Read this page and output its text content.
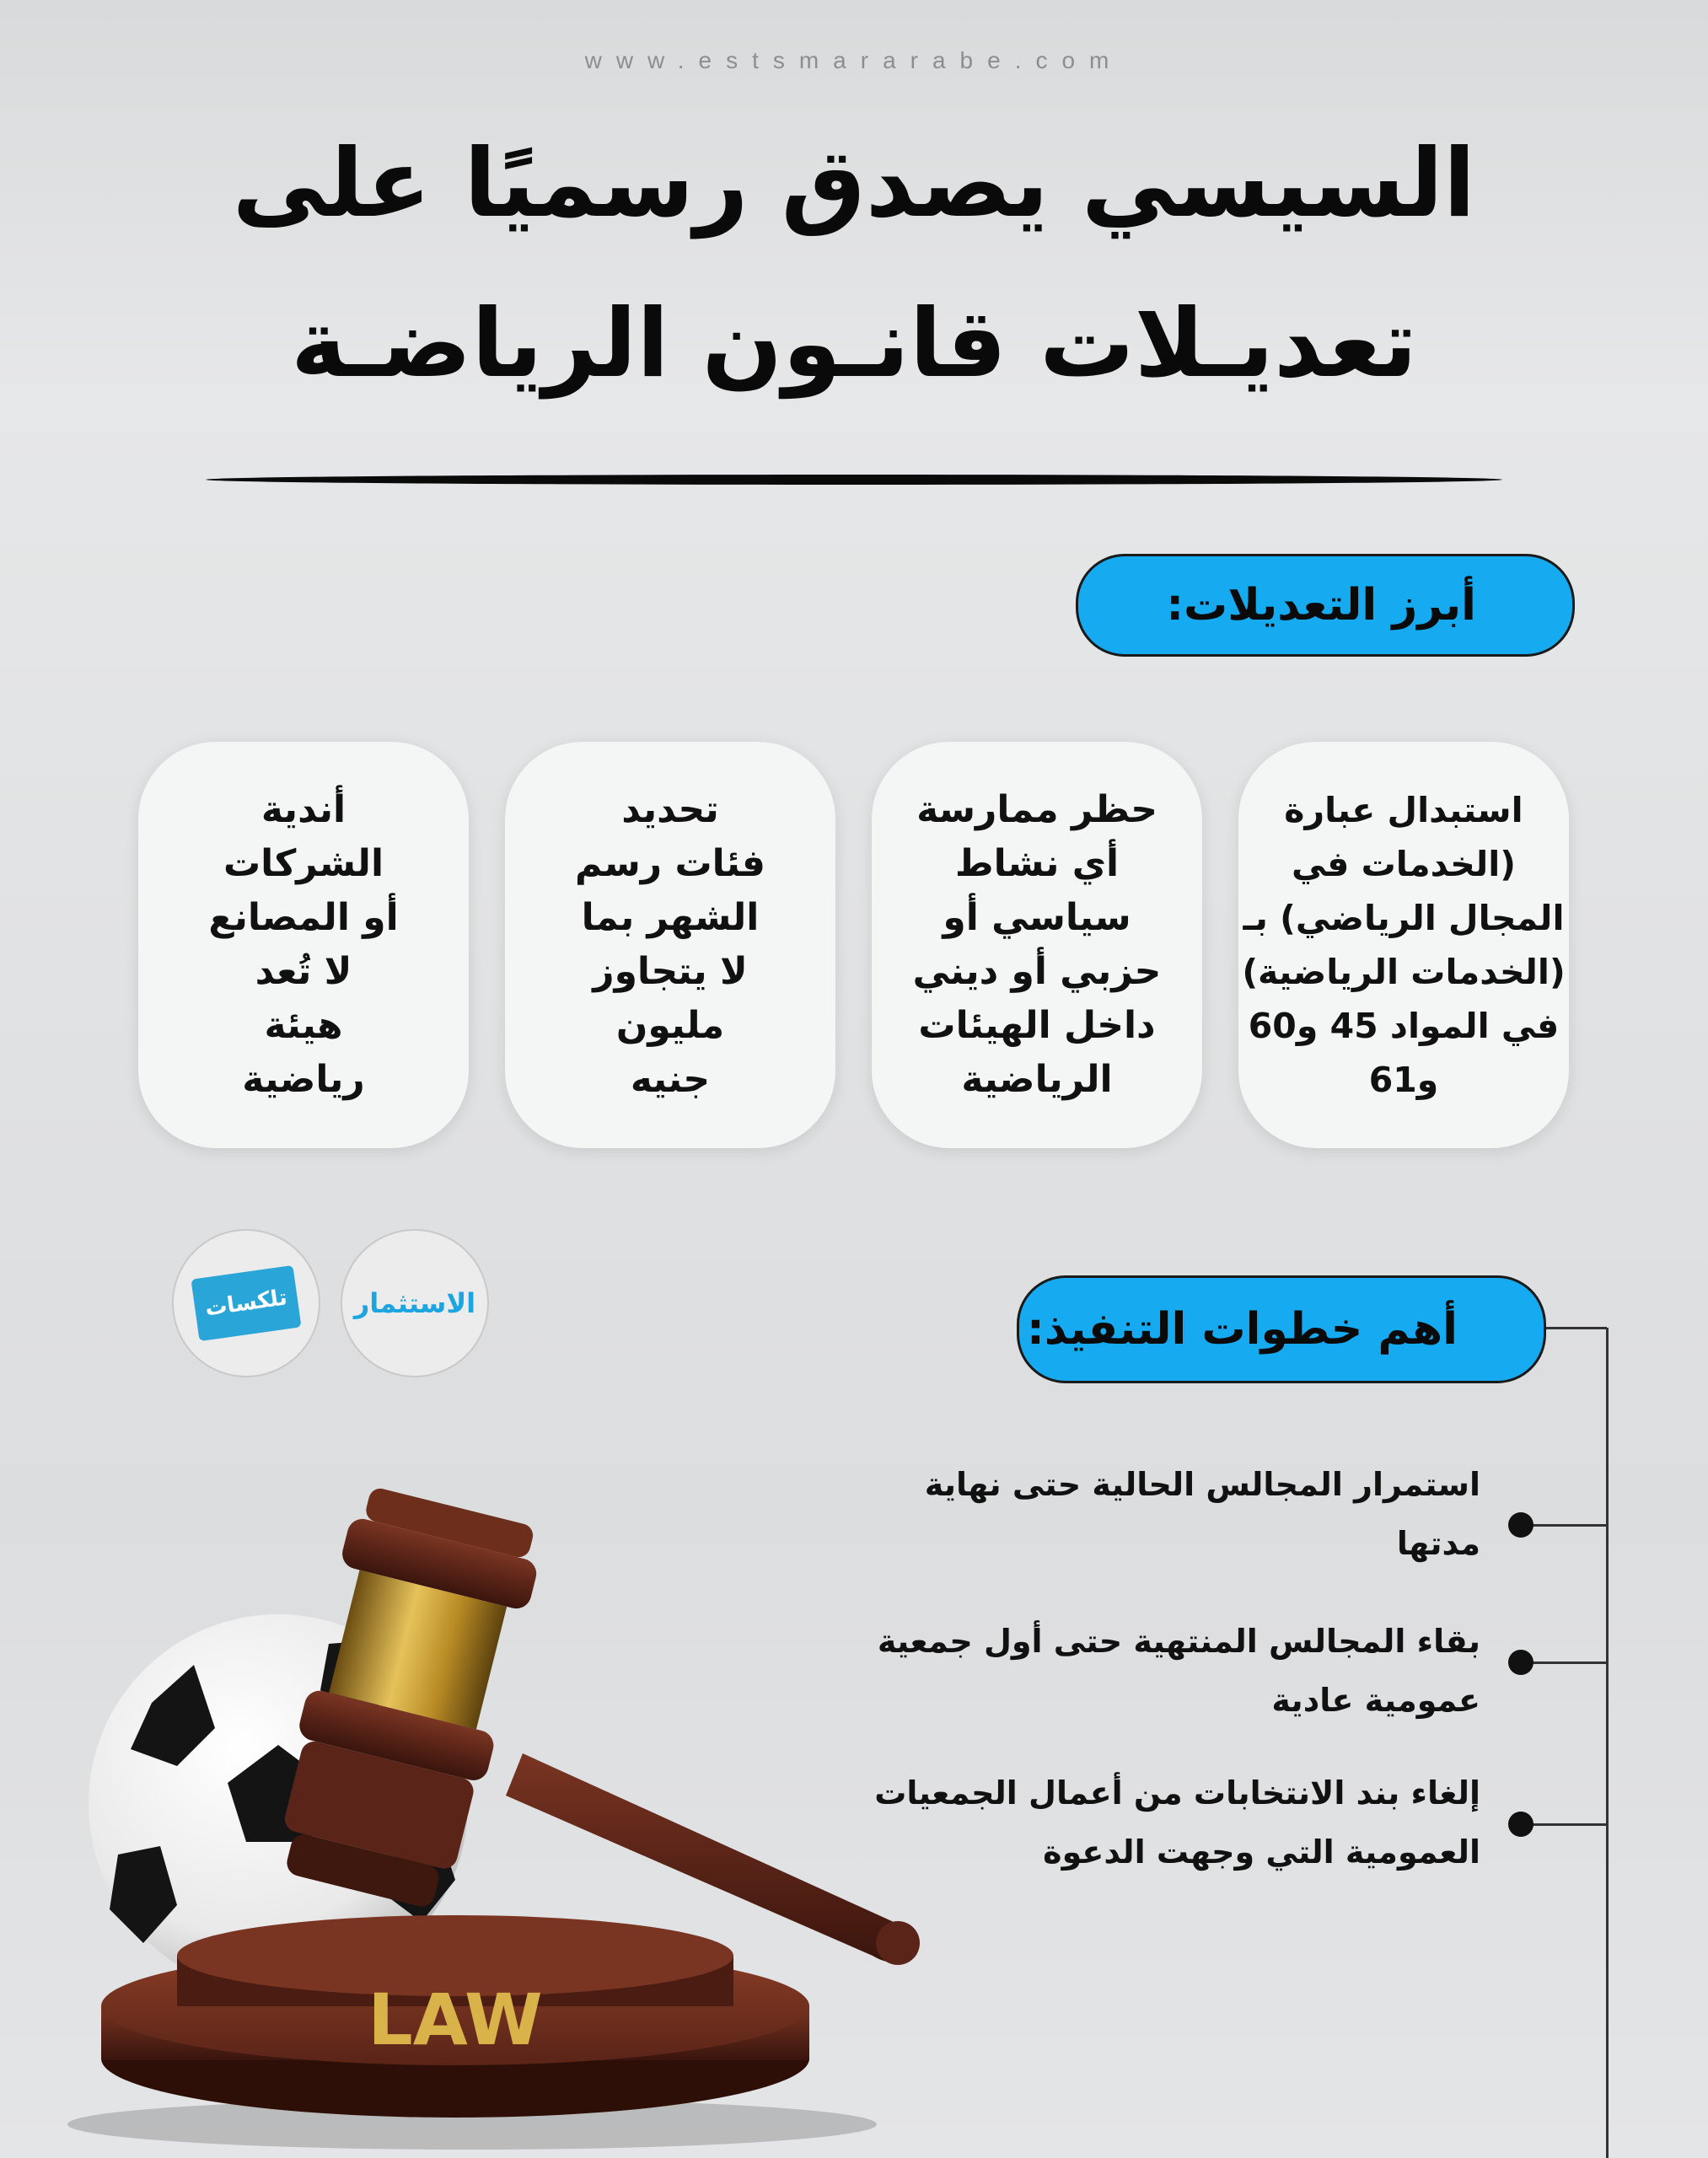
www.estsmararabe.com
السيسي يصدق رسميًا على
تعديـلات قانـون الرياضـة
أبرز التعديلات:
استبدال عبارة
(الخدمات في
المجال الرياضي) بـ
(الخدمات الرياضية)
في المواد 45 و60
و61
حظر ممارسة
أي نشاط
سياسي أو
حزبي أو ديني
داخل الهيئات
الرياضية
تحديد
فئات رسم
الشهر بما
لا يتجاوز
مليون
جنيه
أندية
الشركات
أو المصانع
لا تُعد
هيئة
رياضية
الاستثمار
تلكسات
أهم خطوات التنفيذ:
استمرار المجالس الحالية حتى نهاية
مدتها
بقاء المجالس المنتهية حتى أول جمعية
عمومية عادية
إلغاء بند الانتخابات من أعمال الجمعيات
العمومية التي وجهت الدعوة
LAW
